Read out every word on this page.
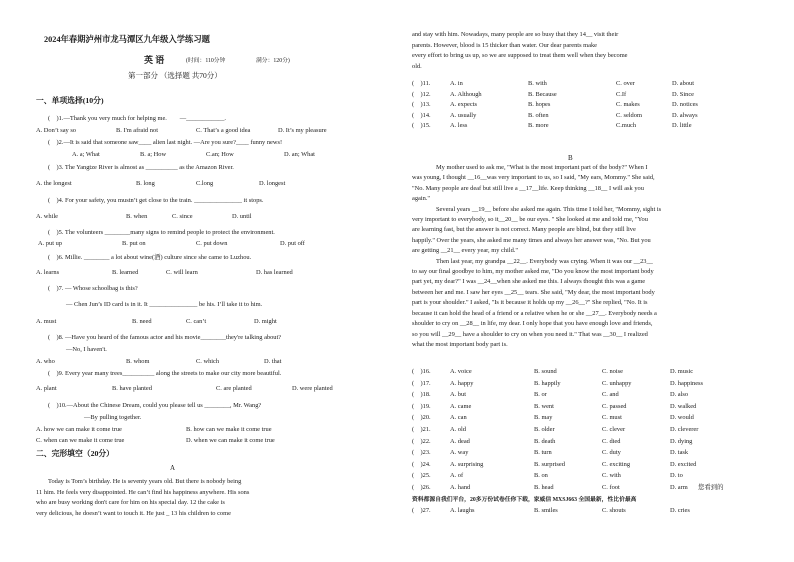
2024年春期泸州市龙马潭区九年级入学练习题
英 语	(时间：110分钟	满分：120分)
第一部分 （选择题 共70分）
一、单项选择(10分)
(　)1.—Thank you very much for helping me.　　—____________.
A. Don’t say so	B. I'm afraid not	C. That’s a good idea	D. It’s my pleasure
(　)2.—It is said that someone saw____ alien last night. —Are you sure?____ funny news!
A. a; What	B. a; How	C.an; How	D. an; What
(　)3. The Yangtze River is almost as __________ as the Amazon River.
A. the longest	B. long	C.long	D. longest
(　)4. For your safety, you mustn’t get close to the train. _______________ it stops.
A. while	B. when	C. since	D. until
(　)5. The volunteers ________many signs to remind people to protect the environment.
A. put up	B. put on	C. put down	D. put off
(　)6. Millie. ________ a lot about wine(酒) culture since she came to Luzhou.
A. learns	B. learned	C. will learn	D. has learned
(　)7. — Whose schoolbag is this?
— Chen Jun’s ID card is in it. It _______________ be his. I’ll take it to him.
A. must	B. need	C. can’t	D. might
(　)8. —Have you heard of the famous actor and his movie________they're talking about?
—No, I haven't.
A. who	B. whom	C. which	D. that
(　)9. Every year many trees__________ along the streets to make our city more beautiful.
A. plant	B. have planted	C. are planted	D. were planted
(　)10.—About the Chinese Dream, could you please tell us ________, Mr. Wang?
—By pulling together.
A. how we can make it come true	B. how can we make it come true
C. when can we make it come true	D. when we can make it come true
二、完形填空（20分）
A
Today is Tom’s birthday. He is seventy years old. But there is nobody being
11 him. He feels very disappointed. He can’t find his happiness anywhere. His sons
who are busy working don't care for him on his special day. 12 the cake is
very delicious, he doesn’t want to touch it. He just _ 13 his children to come
and stay with him. Nowadays, many people are so busy that they 14__ visit their
parents. However, blood is 15 thicker than water. Our dear parents make
every effort to bring us up, so we are supposed to treat them well when they become
old.
(　)11.	A. in	B. with	C. over	D. about
(　)12.	A. Although	B. Because	C.If	D. Since
(　)13.	A. expects	B. hopes	C. makes	D. notices
(　)14.	A. usually	B. often	C. seldom	D. always
(　)15.	A. less	B. more	C.much	D. little
B
My mother used to ask me, "What is the most important part of the body?" When I
was young, I thought __16__was very important to us, so I said, "My ears, Mommy." She said,
"No. Many people are deaf but still live a __17__life. Keep thinking __18__ I will ask you
again."
Several years __19__ before she asked me again. This time I told her, "Mommy, sight is
very important to everybody, so it__20__ be our eyes. " She looked at me and told me, "You
are learning fast, but the answer is not correct. Many people are blind, but they still live
happily." Over the years, she asked me many times and always her answer was, "No. But you
are getting __21__ every year, my child."
Then last year, my grandpa __22__. Everybody was crying. When it was our __23__
to say our final goodbye to him, my mother asked me, "Do you know the most important body
part yet, my dear?" I was __24__when she asked me this. I always thought this was a game
between her and me. I saw her eyes __25__ tears. She said, "My dear, the most important body
part is your shoulder." I asked, "Is it because it holds up my __26__?" She replied, "No. It is
because it can hold the head of a friend or a relative when he or she __27__. Everybody needs a
shoulder to cry on __28__ in life, my dear. I only hope that you have enough love and friends,
so you will __29__ have a shoulder to cry on when you need it." That was __30__ I realized
what the most important body part is.
(　)16.	A. voice	B. sound	C. noise	D. music
(　)17.	A. happy	B. happily	C. unhappy	D. happiness
(　)18.	A. but	B. or	C. and	D. also
(　)19.	A. came	B. went	C. passed	D. walked
(　)20.	A. can	B. may	C. must	D. would
(　)21.	A. old	B. older	C. clever	D. cleverer
(　)22.	A. dead	B. death	C. died	D. dying
(　)23.	A. way	B. turn	C. duty	D. task
(　)24.	A. surprising	B. surprised	C. exciting	D. excited
(　)25.	A. of	B. on	C. with	D. to
(　)26.	A. hand	B. head	C. foot	D. arm 您看到的
资料都源自我们平台，20多万份试卷任你下载，家威信 MXSJ663 全国最新，性比价最高
(　)27.	A. laughs	B. smiles	C. shouts	D. cries
